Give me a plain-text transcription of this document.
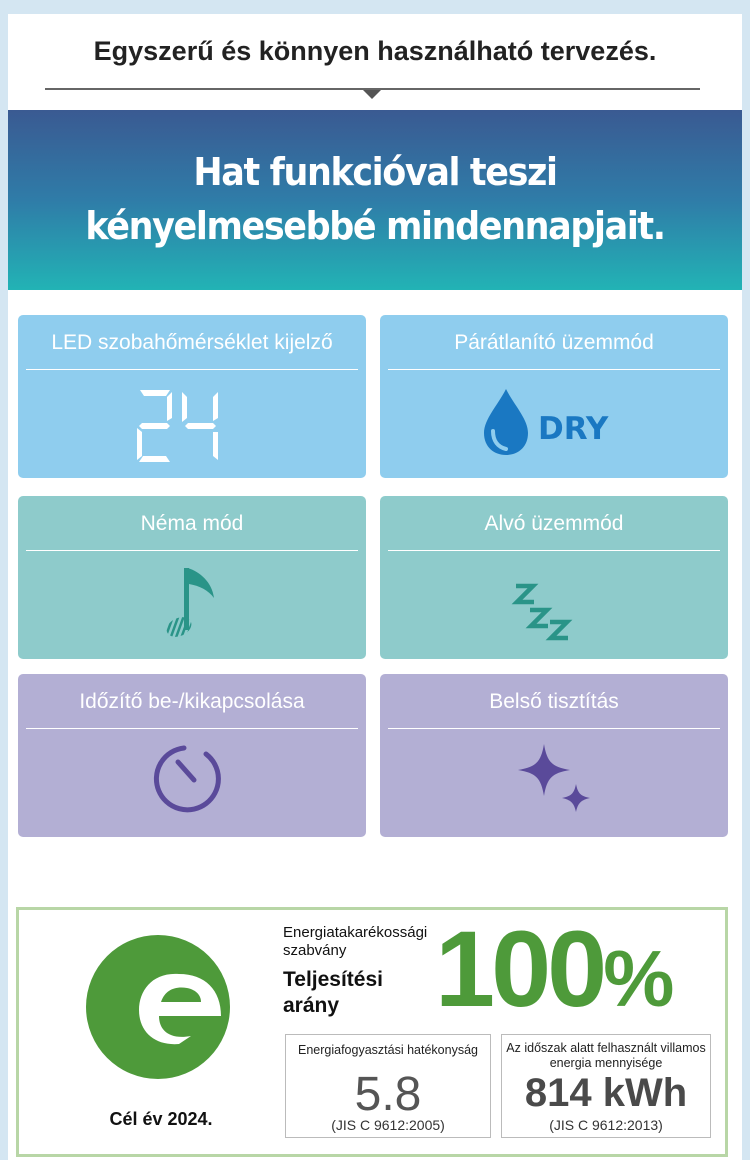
Egyszerű és könnyen használható tervezés.
Hat funkcióval teszi
kényelmesebbé mindennapjait.
LED szobahőmérséklet kijelző	Párátlanító üzemmód
DRY
Néma mód	Alvó üzemmód
Időzítő be-/kikapcsolása	Belső tisztítás
Cél év 2024.
Energiatakarékossági szabvány
Teljesítési arány 100%
Energiafogyasztási hatékonyság
5.8
(JIS C 9612:2005)
Az időszak alatt felhasznált villamos energia mennyisége
814 kWh
(JIS C 9612:2013)
